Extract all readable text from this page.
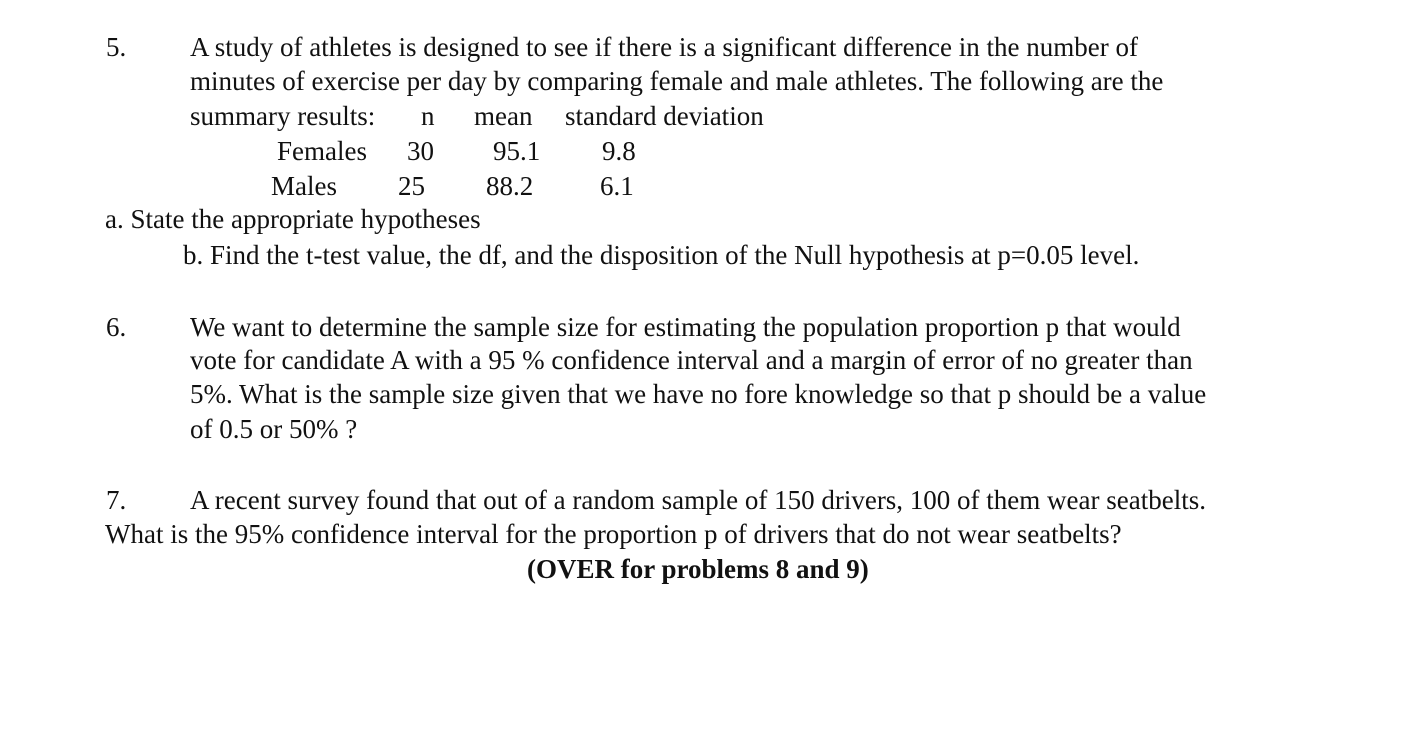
5. A study of athletes is designed to see if there is a significant difference in the number of
minutes of exercise per day by comparing female and male athletes. The following are the
summary results: n mean standard deviation
Females 30 95.1 9.8
Males 25 88.2 6.1
a. State the appropriate hypotheses
b. Find the t-test value, the df, and the disposition of the Null hypothesis at p=0.05 level.
6. We want to determine the sample size for estimating the population proportion p that would
vote for candidate A with a 95 % confidence interval and a margin of error of no greater than
5%. What is the sample size given that we have no fore knowledge so that p should be a value
of 0.5 or 50% ?
7. A recent survey found that out of a random sample of 150 drivers, 100 of them wear seatbelts.
What is the 95% confidence interval for the proportion p of drivers that do not wear seatbelts?
(OVER for problems 8 and 9)
